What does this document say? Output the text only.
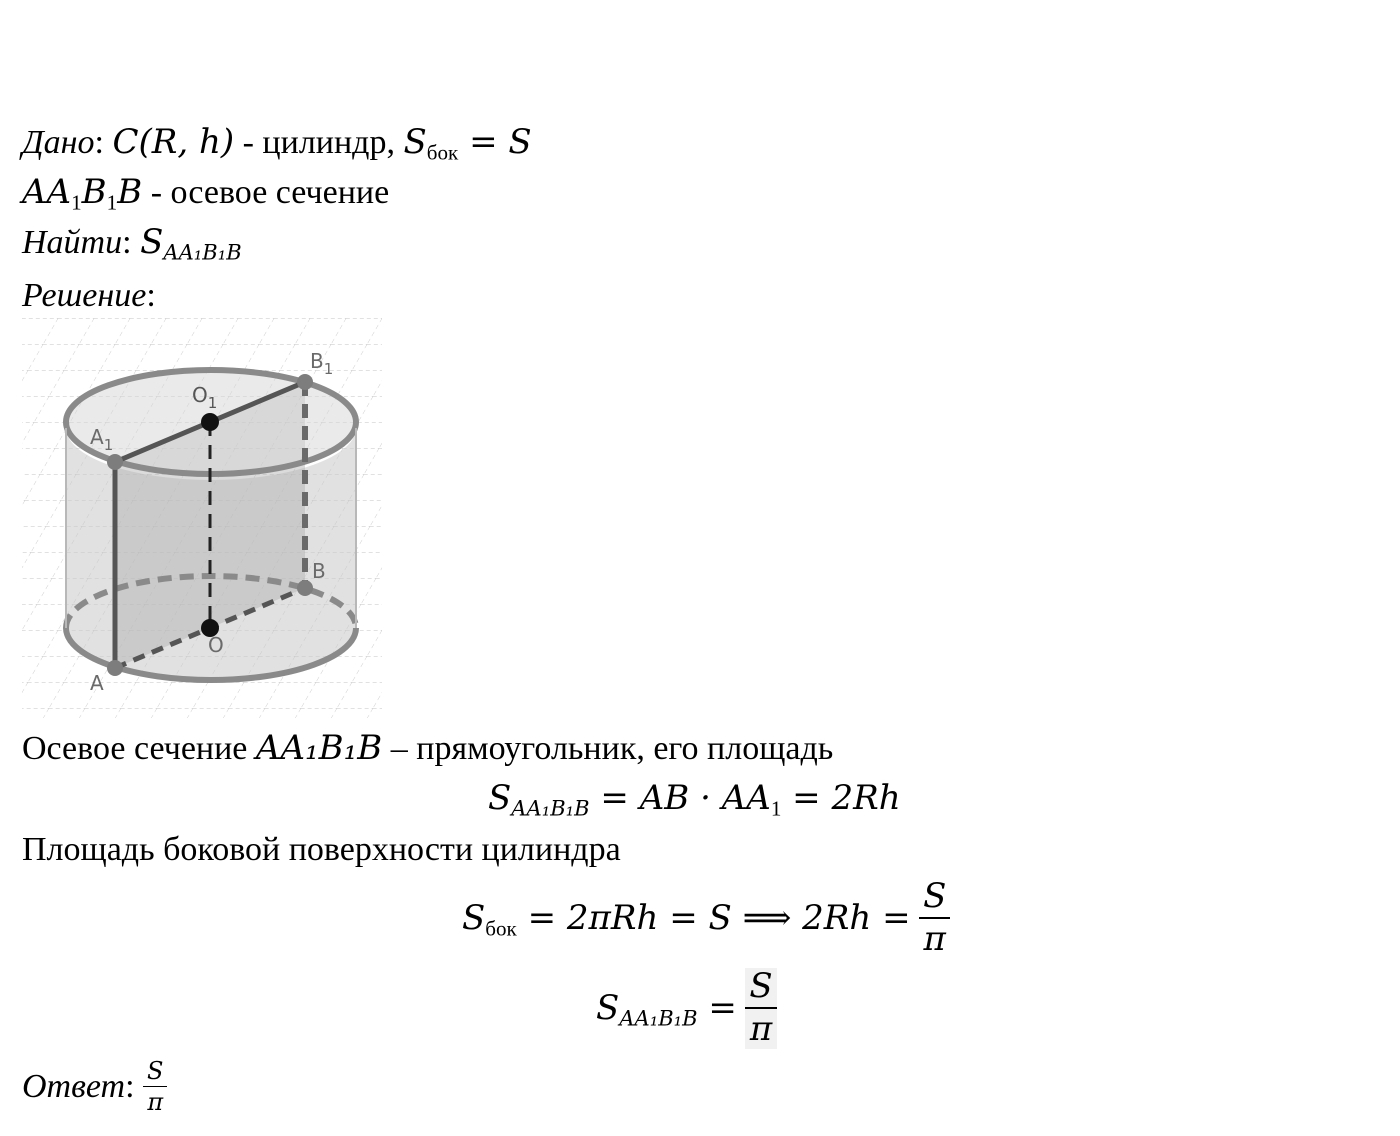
Дано: C(R, h) - цилиндр, $S_{бок} = S$
$AA_1B_1B$ - осевое сечение
Найти: $S_{AA_1B_1B}$
Решение:
$B_1$
$O_1$
$A_1$
B
O
A
Осевое сечение AA₁B₁B – прямоугольник, его площадь
$S_{AA_1B_1B}$ = AB · $AA_1 = 2Rh$
Площадь боковой поверхности цилиндра
$S_{бок} = 2\pi Rh = S$ ⟹ $2Rh = \frac{S}{\pi}$
$S_{AA_1B_1B} = \frac{S}{\pi}$
Ответ: $\frac{S}{\pi}$
